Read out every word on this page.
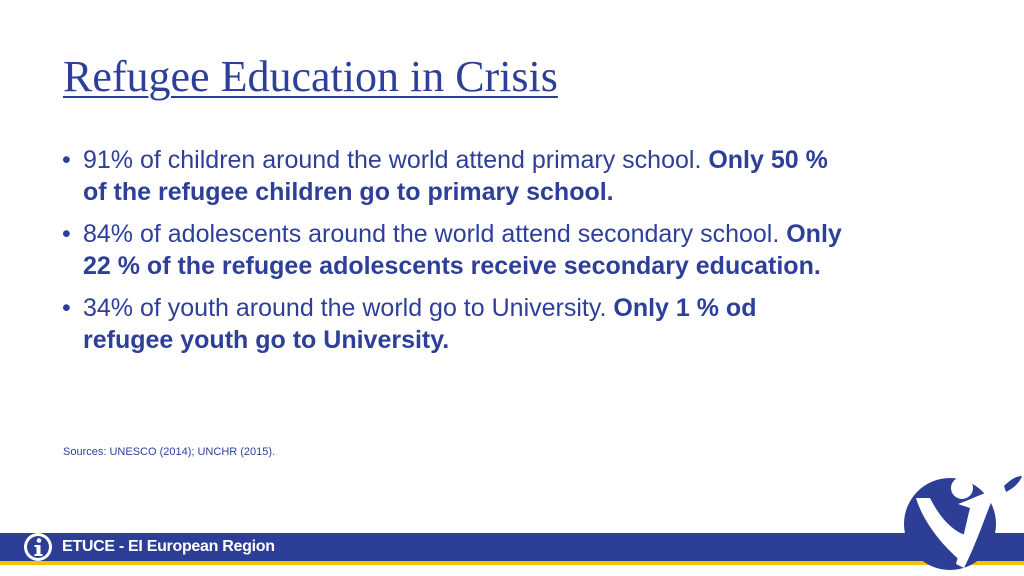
Refugee Education in Crisis
• 91% of children around the world attend primary school. Only 50 % of the refugee children go to primary school.
• 84% of adolescents around the world attend secondary school. Only 22 % of the refugee adolescents receive secondary education.
• 34% of youth around the world go to University. Only 1 % od refugee youth go to University.
Sources: UNESCO (2014); UNCHR (2015).
ETUCE - EI European Region
